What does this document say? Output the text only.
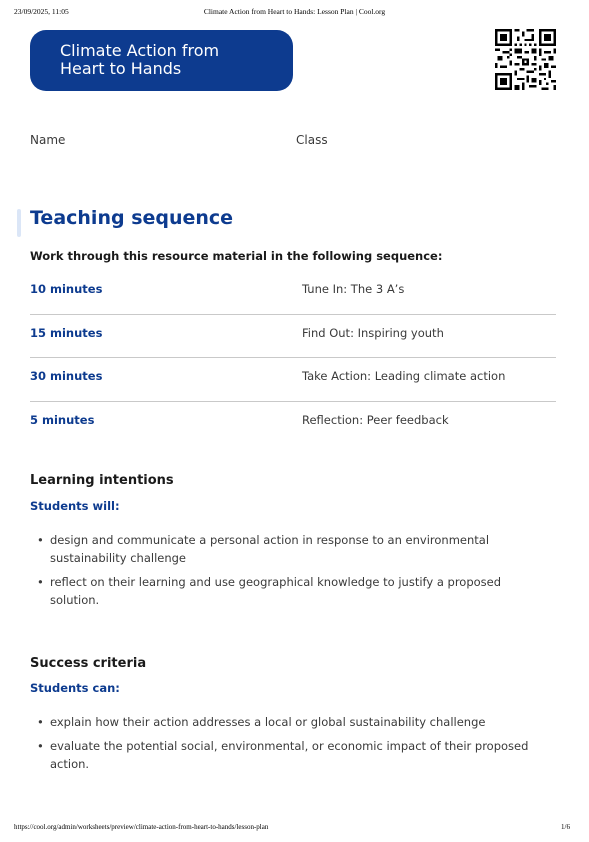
23/09/2025, 11:05	Climate Action from Heart to Hands: Lesson Plan | Cool.org
Climate Action from
Heart to Hands
Name	Class
Teaching sequence
Work through this resource material in the following sequence:
10 minutes	Tune In: The 3 A’s
15 minutes	Find Out: Inspiring youth
30 minutes	Take Action: Leading climate action
5 minutes	Reflection: Peer feedback
Learning intentions
Students will:
• design and communicate a personal action in response to an environmental
sustainability challenge
• reflect on their learning and use geographical knowledge to justify a proposed
solution.
Success criteria
Students can:
• explain how their action addresses a local or global sustainability challenge
• evaluate the potential social, environmental, or economic impact of their proposed
action.
https://cool.org/admin/worksheets/preview/climate-action-from-heart-to-hands/lesson-plan	1/6
